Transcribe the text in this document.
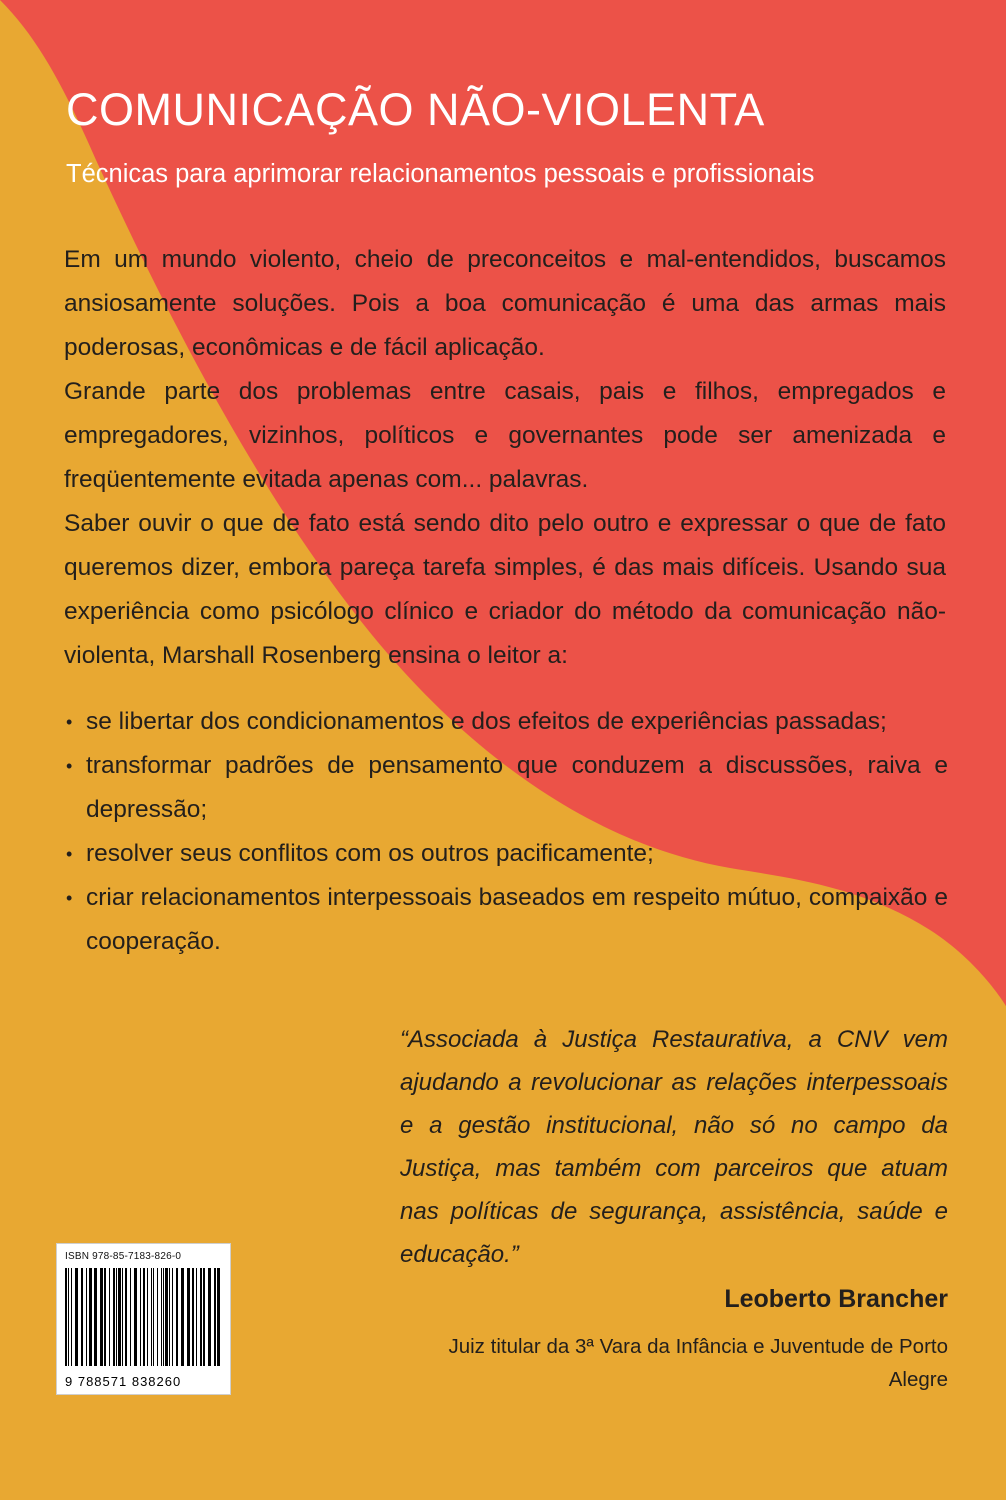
COMUNICAÇÃO NÃO-VIOLENTA
Técnicas para aprimorar relacionamentos pessoais e profissionais

Em um mundo violento, cheio de preconceitos e mal-entendidos, buscamos ansiosamente soluções. Pois a boa comunicação é uma das armas mais poderosas, econômicas e de fácil aplicação.

Grande parte dos problemas entre casais, pais e filhos, empregados e empregadores, vizinhos, políticos e governantes pode ser amenizada e freqüentemente evitada apenas com... palavras.

Saber ouvir o que de fato está sendo dito pelo outro e expressar o que de fato queremos dizer, embora pareça tarefa simples, é das mais difíceis. Usando sua experiência como psicólogo clínico e criador do método da comunicação não-violenta, Marshall Rosenberg ensina o leitor a:

• se libertar dos condicionamentos e dos efeitos de experiências passadas;

• transformar padrões de pensamento que conduzem a discussões, raiva e depressão;

• resolver seus conflitos com os outros pacificamente;

• criar relacionamentos interpessoais baseados em respeito mútuo, compaixão e cooperação.

“Associada à Justiça Restaurativa, a CNV vem ajudando a revolucionar as relações interpessoais e a gestão institucional, não só no campo da Justiça, mas também com parceiros que atuam nas políticas de segurança, assistência, saúde e educação.”
Leoberto Brancher
Juiz titular da 3ª Vara da Infância e Juventude de Porto Alegre
ISBN 978-85-7183-826-0
9 788571 838260
